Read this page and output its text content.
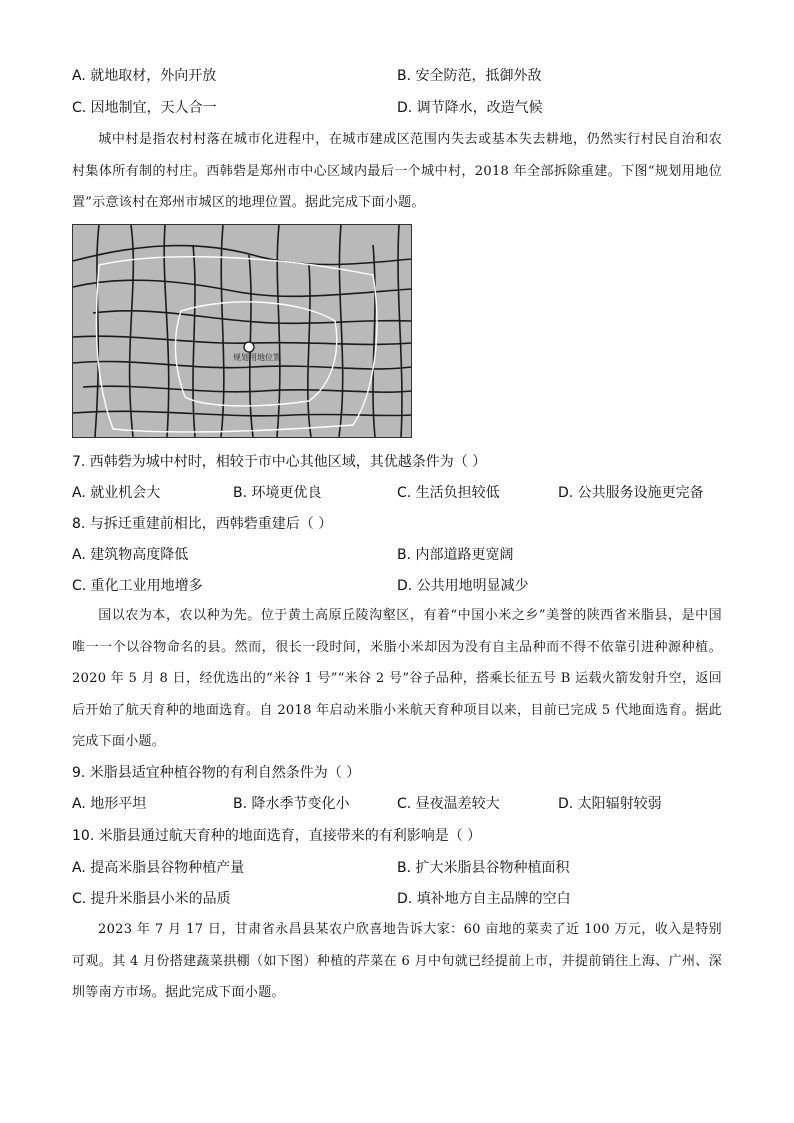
A. 就地取材，外向开放	B. 安全防范，抵御外敌
C. 因地制宜，天人合一	D. 调节降水，改造气候
城中村是指农村村落在城市化进程中，在城市建成区范围内失去或基本失去耕地，仍然实行村民自治和农村集体所有制的村庄。西韩砦是郑州市中心区域内最后一个城中村，2018 年全部拆除重建。下图“规划用地位置”示意该村在郑州市城区的地理位置。据此完成下面小题。
规划用地位置
7. 西韩砦为城中村时，相较于市中心其他区域，其优越条件为（ ）
A. 就业机会大	B. 环境更优良	C. 生活负担较低	D. 公共服务设施更完备
8. 与拆迁重建前相比，西韩砦重建后（ ）
A. 建筑物高度降低	B. 内部道路更宽阔
C. 重化工业用地增多	D. 公共用地明显减少
国以农为本，农以种为先。位于黄土高原丘陵沟壑区，有着“中国小米之乡”美誉的陕西省米脂县，是中国唯一一个以谷物命名的县。然而，很长一段时间，米脂小米却因为没有自主品种而不得不依靠引进种源种植。2020 年 5 月 8 日，经优选出的“米谷 1 号”“米谷 2 号”谷子品种，搭乘长征五号 B 运载火箭发射升空，返回后开始了航天育种的地面选育。自 2018 年启动米脂小米航天育种项目以来，目前已完成 5 代地面选育。据此完成下面小题。
9. 米脂县适宜种植谷物的有利自然条件为（ ）
A. 地形平坦	B. 降水季节变化小	C. 昼夜温差较大	D. 太阳辐射较弱
10. 米脂县通过航天育种的地面选育，直接带来的有利影响是（ ）
A. 提高米脂县谷物种植产量	B. 扩大米脂县谷物种植面积
C. 提升米脂县小米的品质	D. 填补地方自主品牌的空白
2023 年 7 月 17 日，甘肃省永昌县某农户欣喜地告诉大家：60 亩地的菜卖了近 100 万元，收入是特别可观。其 4 月份搭建蔬菜拱棚（如下图）种植的芹菜在 6 月中旬就已经提前上市，并提前销往上海、广州、深圳等南方市场。据此完成下面小题。
